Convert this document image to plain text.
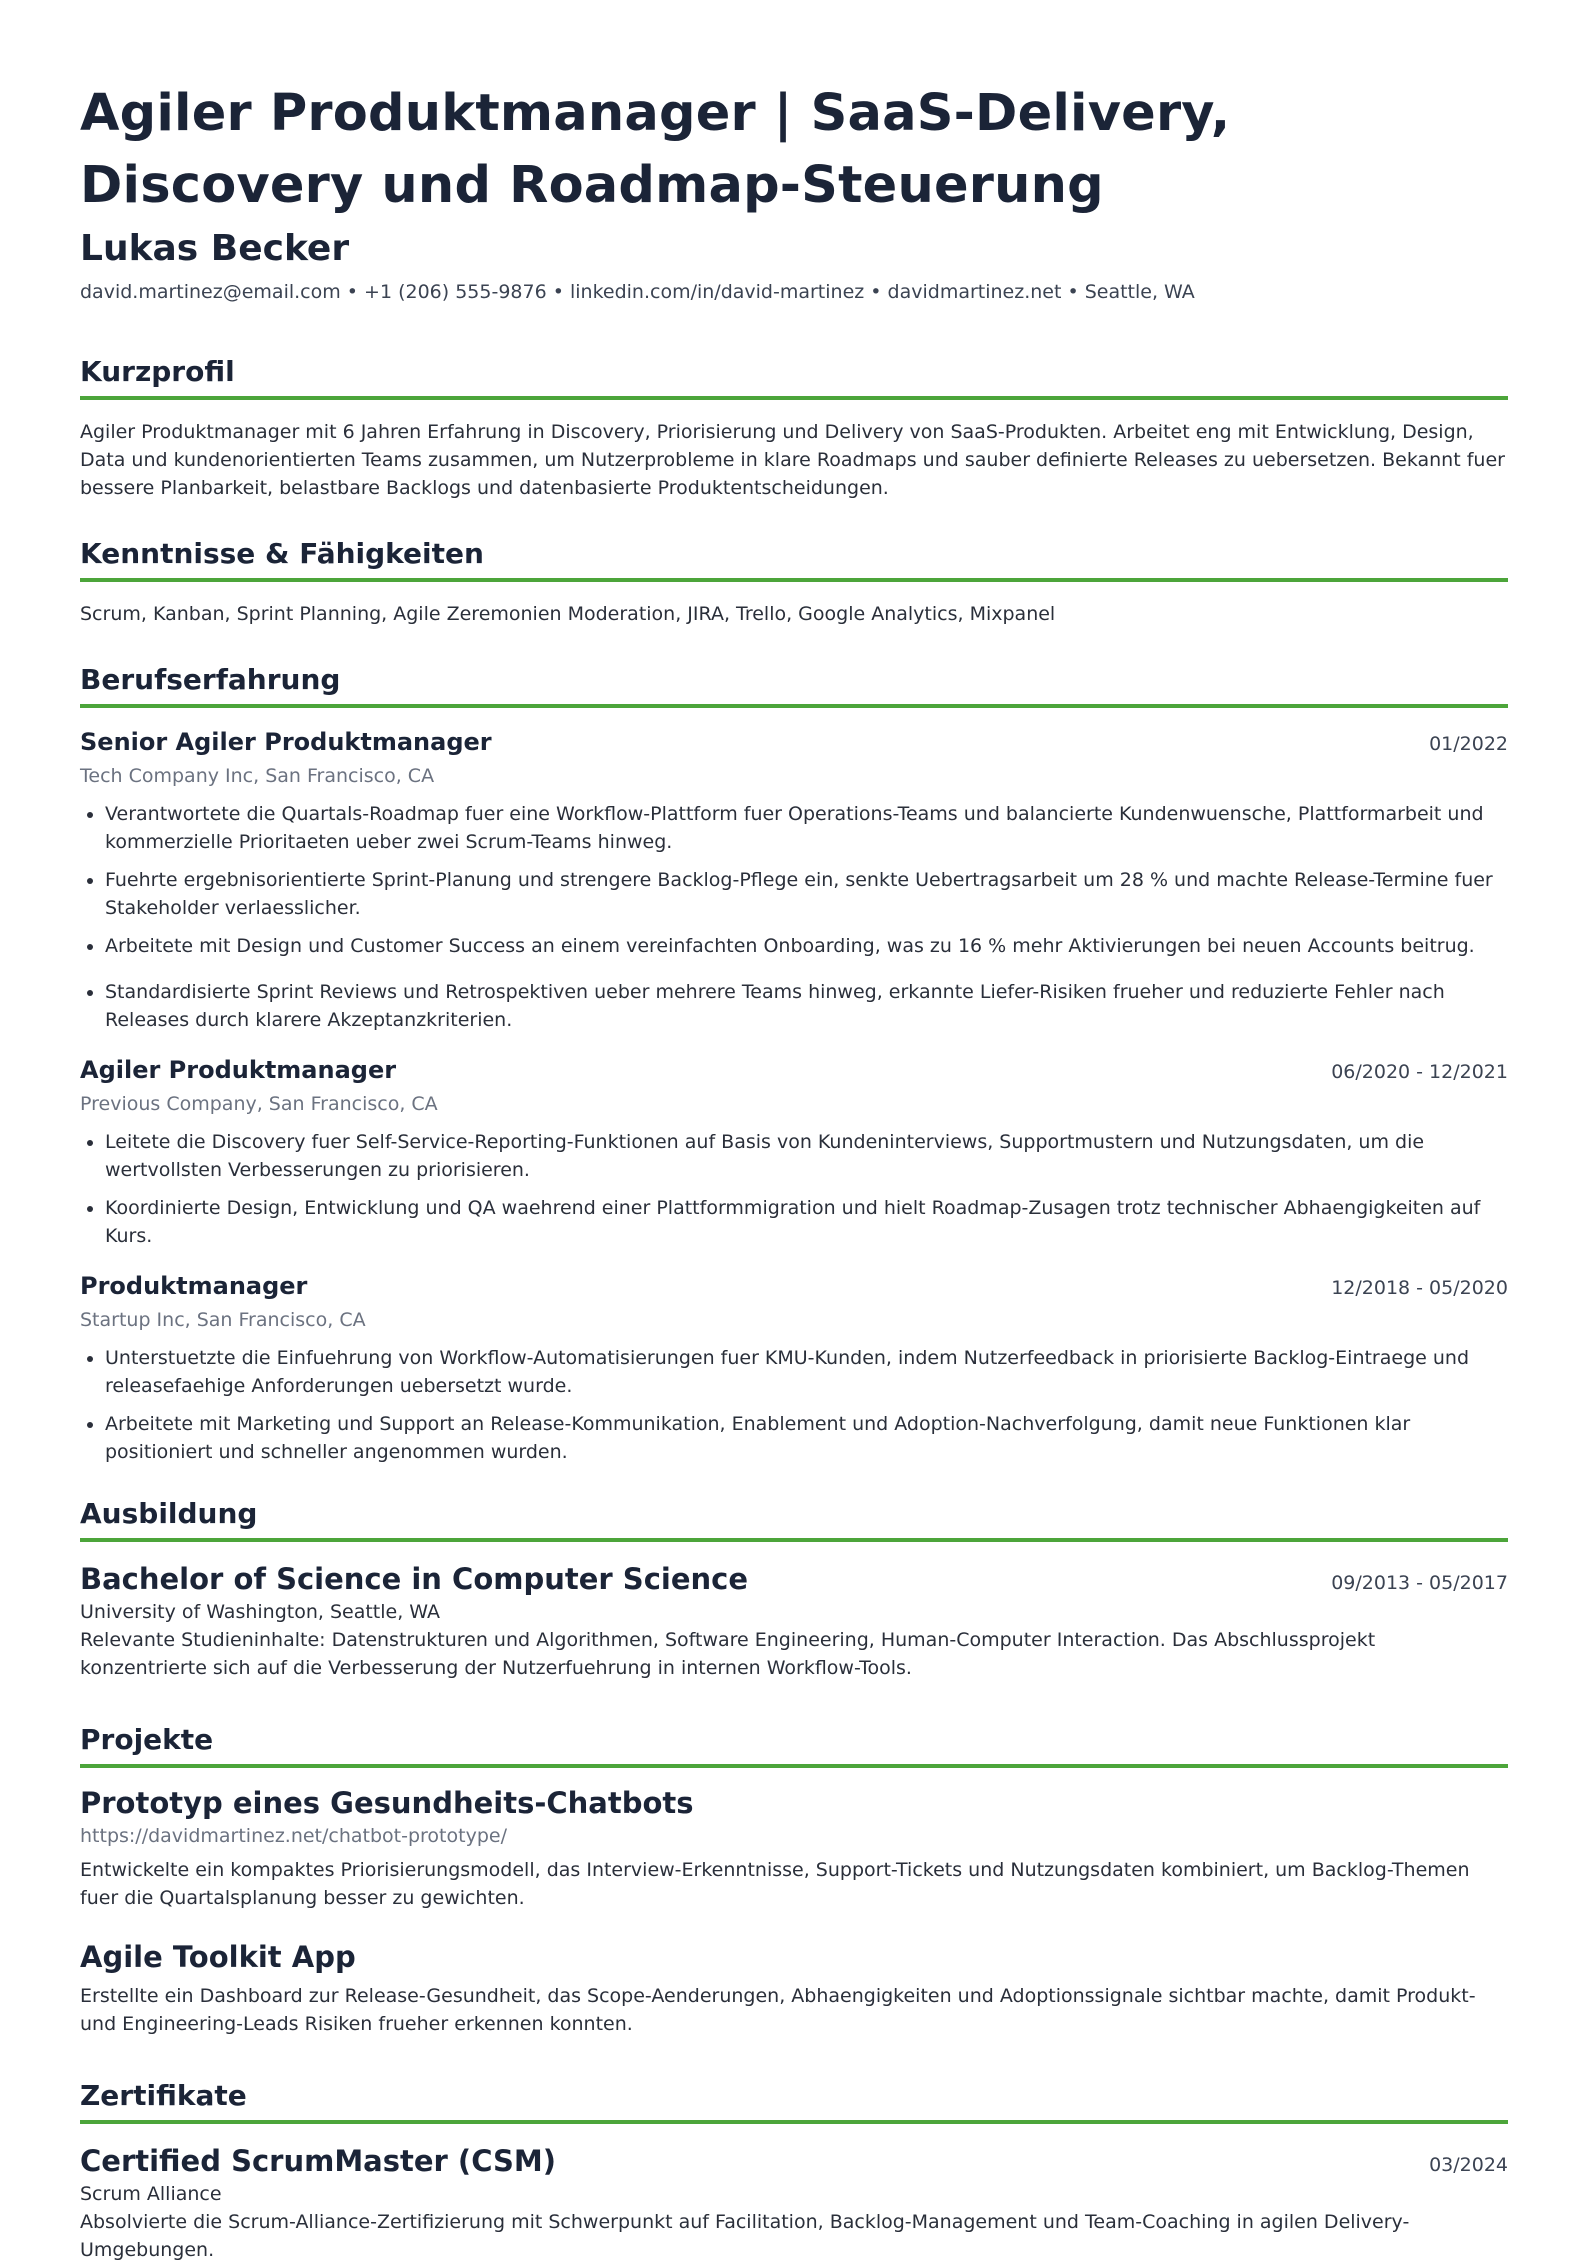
Agiler Produktmanager | SaaS-Delivery, Discovery und Roadmap-Steuerung
Lukas Becker
david.martinez@email.com • +1 (206) 555-9876 • linkedin.com/in/david-martinez • davidmartinez.net • Seattle, WA
Kurzprofil
Agiler Produktmanager mit 6 Jahren Erfahrung in Discovery, Priorisierung und Delivery von SaaS-Produkten. Arbeitet eng mit Entwicklung, Design, Data und kundenorientierten Teams zusammen, um Nutzerprobleme in klare Roadmaps und sauber definierte Releases zu uebersetzen. Bekannt fuer bessere Planbarkeit, belastbare Backlogs und datenbasierte Produktentscheidungen.
Kenntnisse & Fähigkeiten
Scrum, Kanban, Sprint Planning, Agile Zeremonien Moderation, JIRA, Trello, Google Analytics, Mixpanel
Berufserfahrung
Senior Agiler Produktmanager	01/2022
Tech Company Inc, San Francisco, CA
• Verantwortete die Quartals-Roadmap fuer eine Workflow-Plattform fuer Operations-Teams und balancierte Kundenwuensche, Plattformarbeit und kommerzielle Prioritaeten ueber zwei Scrum-Teams hinweg.
• Fuehrte ergebnisorientierte Sprint-Planung und strengere Backlog-Pflege ein, senkte Uebertragsarbeit um 28 % und machte Release-Termine fuer Stakeholder verlaesslicher.
• Arbeitete mit Design und Customer Success an einem vereinfachten Onboarding, was zu 16 % mehr Aktivierungen bei neuen Accounts beitrug.
• Standardisierte Sprint Reviews und Retrospektiven ueber mehrere Teams hinweg, erkannte Liefer-Risiken frueher und reduzierte Fehler nach Releases durch klarere Akzeptanzkriterien.
Agiler Produktmanager	06/2020 - 12/2021
Previous Company, San Francisco, CA
• Leitete die Discovery fuer Self-Service-Reporting-Funktionen auf Basis von Kundeninterviews, Supportmustern und Nutzungsdaten, um die wertvollsten Verbesserungen zu priorisieren.
• Koordinierte Design, Entwicklung und QA waehrend einer Plattformmigration und hielt Roadmap-Zusagen trotz technischer Abhaengigkeiten auf Kurs.
Produktmanager	12/2018 - 05/2020
Startup Inc, San Francisco, CA
• Unterstuetzte die Einfuehrung von Workflow-Automatisierungen fuer KMU-Kunden, indem Nutzerfeedback in priorisierte Backlog-Eintraege und releasefaehige Anforderungen uebersetzt wurde.
• Arbeitete mit Marketing und Support an Release-Kommunikation, Enablement und Adoption-Nachverfolgung, damit neue Funktionen klar positioniert und schneller angenommen wurden.
Ausbildung
Bachelor of Science in Computer Science	09/2013 - 05/2017
University of Washington, Seattle, WA
Relevante Studieninhalte: Datenstrukturen und Algorithmen, Software Engineering, Human-Computer Interaction. Das Abschlussprojekt konzentrierte sich auf die Verbesserung der Nutzerfuehrung in internen Workflow-Tools.
Projekte
Prototyp eines Gesundheits-Chatbots
https://davidmartinez.net/chatbot-prototype/
Entwickelte ein kompaktes Priorisierungsmodell, das Interview-Erkenntnisse, Support-Tickets und Nutzungsdaten kombiniert, um Backlog-Themen fuer die Quartalsplanung besser zu gewichten.
Agile Toolkit App
Erstellte ein Dashboard zur Release-Gesundheit, das Scope-Aenderungen, Abhaengigkeiten und Adoptionssignale sichtbar machte, damit Produkt- und Engineering-Leads Risiken frueher erkennen konnten.
Zertifikate
Certified ScrumMaster (CSM)	03/2024
Scrum Alliance
Absolvierte die Scrum-Alliance-Zertifizierung mit Schwerpunkt auf Facilitation, Backlog-Management und Team-Coaching in agilen Delivery-Umgebungen.
